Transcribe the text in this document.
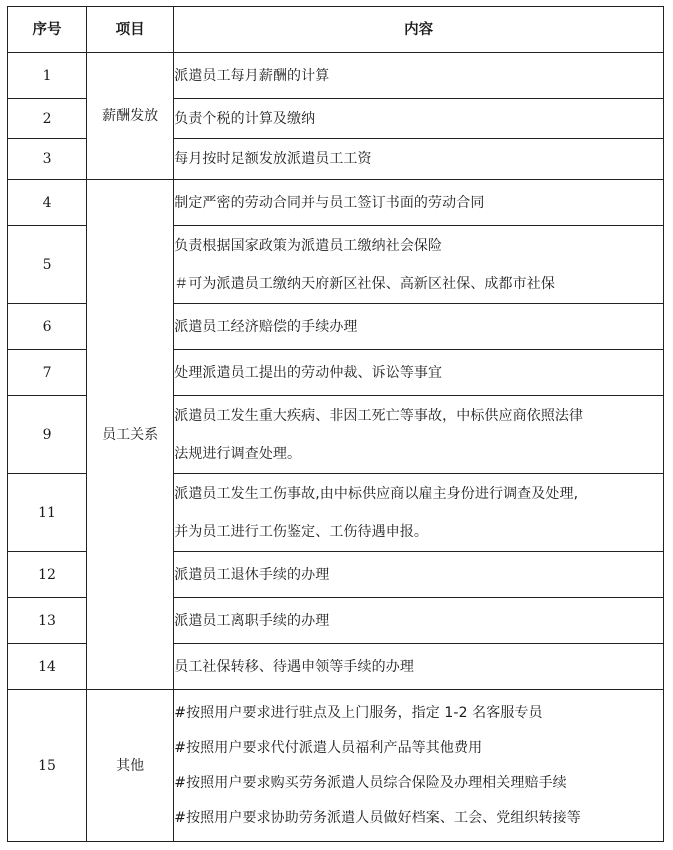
序号	项目	内容
1	薪酬发放	派遣员工每月薪酬的计算

2		负责个税的计算及缴纳

3		每月按时足额发放派遣员工工资

4	员工关系	制定严密的劳动合同并与员工签订书面的劳动合同

5		负责根据国家政策为派遣员工缴纳社会保险
＃可为派遣员工缴纳天府新区社保、高新区社保、成都市社保

6		派遣员工经济赔偿的手续办理

7		处理派遣员工提出的劳动仲裁、诉讼等事宜

9		派遣员工发生重大疾病、非因工死亡等事故，中标供应商依照法律
法规进行调查处理。

11		派遣员工发生工伤事故,由中标供应商以雇主身份进行调查及处理,
并为员工进行工伤鉴定、工伤待遇申报。

12		派遣员工退休手续的办理

13		派遣员工离职手续的办理

14		员工社保转移、待遇申领等手续的办理

15	其他	#按照用户要求进行驻点及上门服务，指定 1-2 名客服专员
#按照用户要求代付派遣人员福利产品等其他费用
#按照用户要求购买劳务派遣人员综合保险及办理相关理赔手续
#按照用户要求协助劳务派遣人员做好档案、工会、党组织转接等
